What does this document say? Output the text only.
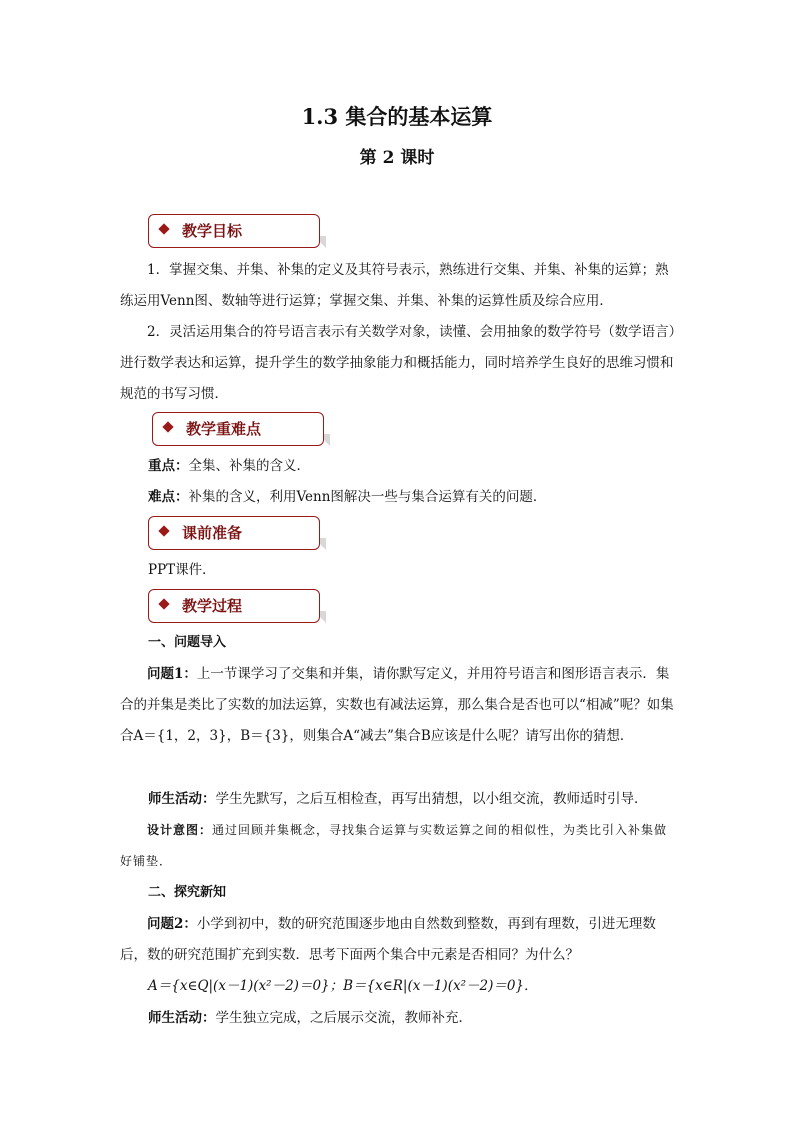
1.3 集合的基本运算
第 2 课时
教学目标

1．掌握交集、并集、补集的定义及其符号表示，熟练进行交集、并集、补集的运算；熟练运用Venn图、数轴等进行运算；掌握交集、并集、补集的运算性质及综合应用．

2．灵活运用集合的符号语言表示有关数学对象，读懂、会用抽象的数学符号（数学语言）进行数学表达和运算，提升学生的数学抽象能力和概括能力，同时培养学生良好的思维习惯和规范的书写习惯．

教学重难点

重点：全集、补集的含义．

难点：补集的含义，利用Venn图解决一些与集合运算有关的问题．

课前准备

PPT课件．

教学过程

一、问题导入

问题1：上一节课学习了交集和并集，请你默写定义，并用符号语言和图形语言表示．集合的并集是类比了实数的加法运算，实数也有减法运算，那么集合是否也可以“相减”呢？如集合A＝{1，2，3}，B＝{3}，则集合A“减去”集合B应该是什么呢？请写出你的猜想．

师生活动：学生先默写，之后互相检查，再写出猜想，以小组交流，教师适时引导．

设计意图：通过回顾并集概念，寻找集合运算与实数运算之间的相似性，为类比引入补集做好铺垫．

二、探究新知

问题2：小学到初中，数的研究范围逐步地由自然数到整数，再到有理数，引进无理数后，数的研究范围扩充到实数．思考下面两个集合中元素是否相同？为什么？

A＝{x∈Q|(x－1)(x²－2)＝0}；B＝{x∈R|(x－1)(x²－2)＝0}．

师生活动：学生独立完成，之后展示交流，教师补充．
